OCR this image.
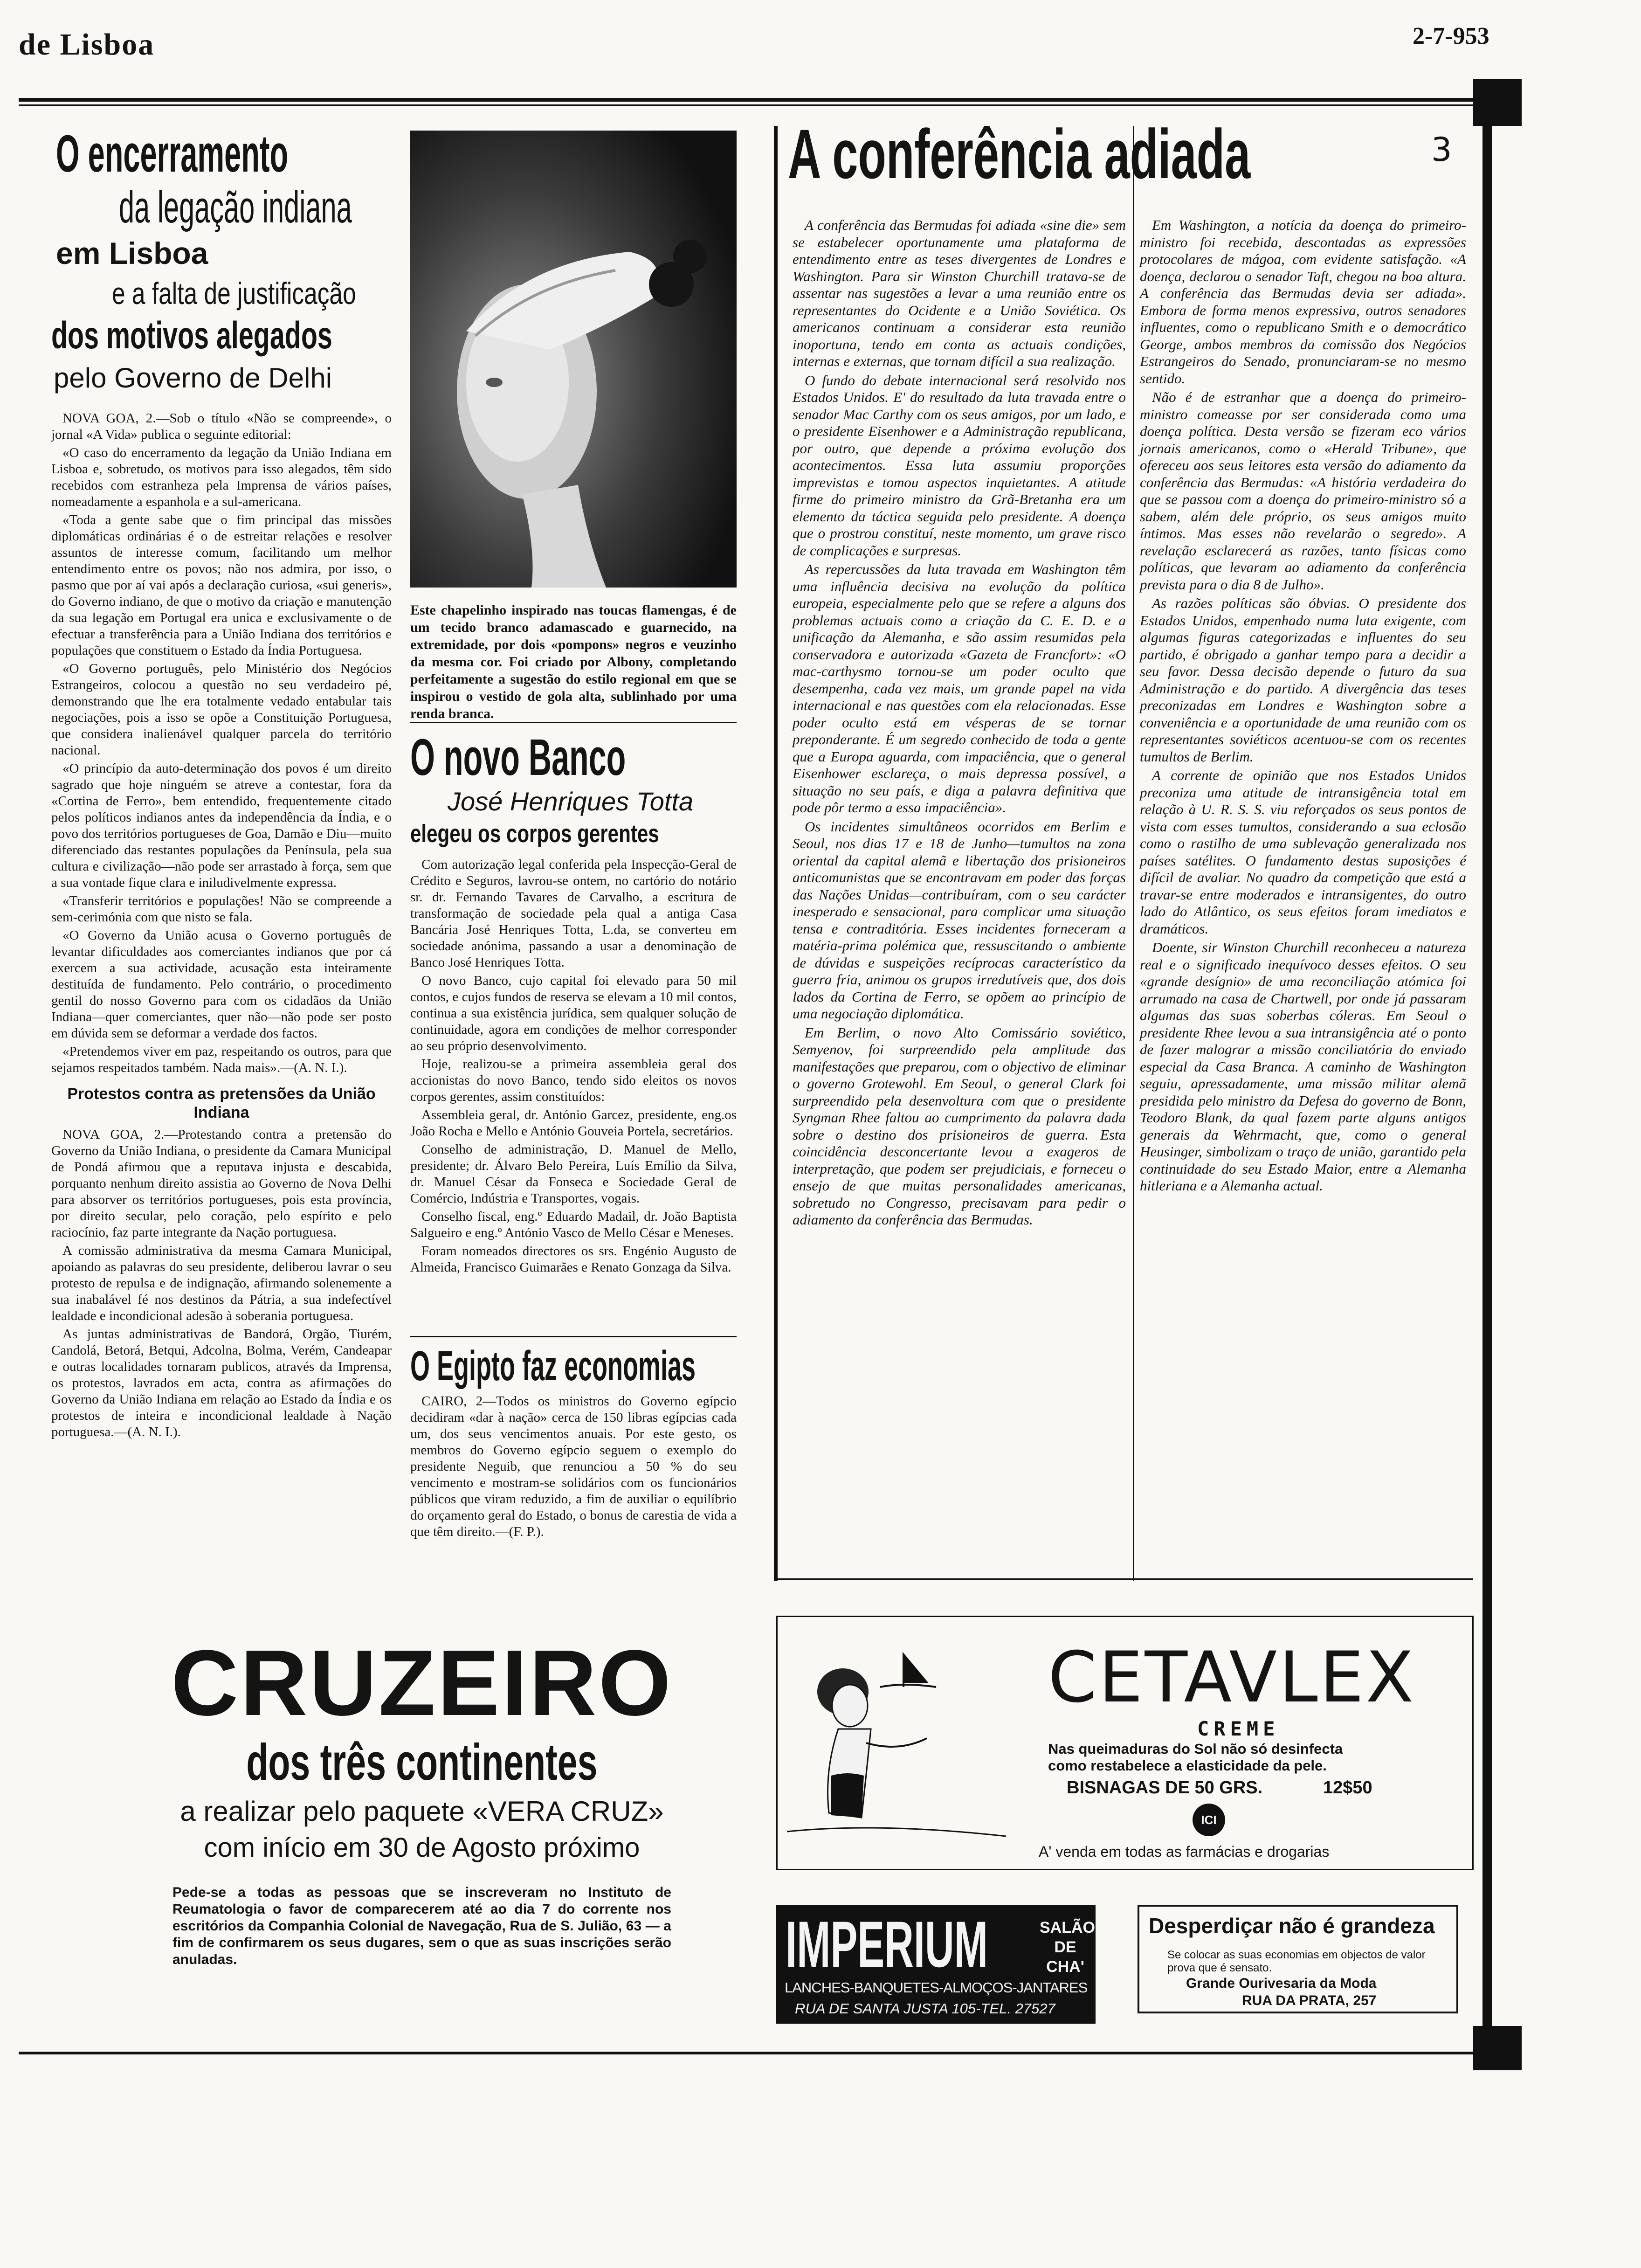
de Lisboa	2-7-953
O encerramento
da legação indiana
em Lisboa
e a falta de justificação
dos motivos alegados
pelo Governo de Delhi

NOVA GOA, 2.—Sob o título «Não se compreende», o jornal «A Vida» publica o seguinte editorial:

«O caso do encerramento da legação da União Indiana em Lisboa e, sobretudo, os motivos para isso alegados, têm sido recebidos com estranheza pela Imprensa de vários países, nomeadamente a espanhola e a sul-americana.

«Toda a gente sabe que o fim principal das missões diplomáticas ordinárias é o de estreitar relações e resolver assuntos de interesse comum, facilitando um melhor entendimento entre os povos; não nos admira, por isso, o pasmo que por aí vai após a declaração curiosa, «sui generis», do Governo indiano, de que o motivo da criação e manutenção da sua legação em Portugal era unica e exclusivamente o de efectuar a transferência para a União Indiana dos territórios e populações que constituem o Estado da Índia Portuguesa.

«O Governo português, pelo Ministério dos Negócios Estrangeiros, colocou a questão no seu verdadeiro pé, demonstrando que lhe era totalmente vedado entabular tais negociações, pois a isso se opõe a Constituição Portuguesa, que considera inalienável qualquer parcela do território nacional.

«O princípio da auto-determinação dos povos é um direito sagrado que hoje ninguém se atreve a contestar, fora da «Cortina de Ferro», bem entendido, frequentemente citado pelos políticos indianos antes da independência da Índia, e o povo dos territórios portugueses de Goa, Damão e Diu—muito diferenciado das restantes populações da Península, pela sua cultura e civilização—não pode ser arrastado à força, sem que a sua vontade fique clara e iniludivelmente expressa.

«Transferir territórios e populações! Não se compreende a sem-cerimónia com que nisto se fala.

«O Governo da União acusa o Governo português de levantar dificuldades aos comerciantes indianos que por cá exercem a sua actividade, acusação esta inteiramente destituída de fundamento. Pelo contrário, o procedimento gentil do nosso Governo para com os cidadãos da União Indiana—quer comerciantes, quer não—não pode ser posto em dúvida sem se deformar a verdade dos factos.

«Pretendemos viver em paz, respeitando os outros, para que sejamos respeitados também. Nada mais».—(A. N. I.).

Protestos contra as pretensões da União Indiana

NOVA GOA, 2.—Protestando contra a pretensão do Governo da União Indiana, o presidente da Camara Municipal de Pondá afirmou que a reputava injusta e descabida, porquanto nenhum direito assistia ao Governo de Nova Delhi para absorver os territórios portugueses, pois esta província, por direito secular, pelo coração, pelo espírito e pelo raciocínio, faz parte integrante da Nação portuguesa.

A comissão administrativa da mesma Camara Municipal, apoiando as palavras do seu presidente, deliberou lavrar o seu protesto de repulsa e de indignação, afirmando solenemente a sua inabalável fé nos destinos da Pátria, a sua indefectível lealdade e incondicional adesão à soberania portuguesa.

As juntas administrativas de Bandorá, Orgão, Tiurém, Candolá, Betorá, Betqui, Adcolna, Bolma, Verém, Candeapar e outras localidades tornaram publicos, através da Imprensa, os protestos, lavrados em acta, contra as afirmações do Governo da União Indiana em relação ao Estado da Índia e os protestos de inteira e incondicional lealdade à Nação portuguesa.—(A. N. I.).

Este chapelinho inspirado nas toucas flamengas, é de um tecido branco adamascado e guarnecido, na extremidade, por dois «pompons» negros e veuzinho da mesma cor. Foi criado por Albony, completando perfeitamente a sugestão do estilo regional em que se inspirou o vestido de gola alta, sublinhado por uma renda branca.
O novo Banco
José Henriques Totta
elegeu os corpos gerentes

Com autorização legal conferida pela Inspecção-Geral de Crédito e Seguros, lavrou-se ontem, no cartório do notário sr. dr. Fernando Tavares de Carvalho, a escritura de transformação de sociedade pela qual a antiga Casa Bancária José Henriques Totta, L.da, se converteu em sociedade anónima, passando a usar a denominação de Banco José Henriques Totta.

O novo Banco, cujo capital foi elevado para 50 mil contos, e cujos fundos de reserva se elevam a 10 mil contos, continua a sua existência jurídica, sem qualquer solução de continuidade, agora em condições de melhor corresponder ao seu próprio desenvolvimento.

Hoje, realizou-se a primeira assembleia geral dos accionistas do novo Banco, tendo sido eleitos os novos corpos gerentes, assim constituídos:

Assembleia geral, dr. António Garcez, presidente, eng.os João Rocha e Mello e António Gouveia Portela, secretários.

Conselho de administração, D. Manuel de Mello, presidente; dr. Álvaro Belo Pereira, Luís Emílio da Silva, dr. Manuel César da Fonseca e Sociedade Geral de Comércio, Indústria e Transportes, vogais.

Conselho fiscal, eng.º Eduardo Madail, dr. João Baptista Salgueiro e eng.º António Vasco de Mello César e Meneses.

Foram nomeados directores os srs. Engénio Augusto de Almeida, Francisco Guimarães e Renato Gonzaga da Silva.

O Egipto faz economias

CAIRO, 2—Todos os ministros do Governo egípcio decidiram «dar à nação» cerca de 150 libras egípcias cada um, dos seus vencimentos anuais. Por este gesto, os membros do Governo egípcio seguem o exemplo do presidente Neguib, que renunciou a 50 % do seu vencimento e mostram-se solidários com os funcionários públicos que viram reduzido, a fim de auxiliar o equilíbrio do orçamento geral do Estado, o bonus de carestia de vida a que têm direito.—(F. P.).

A conferência adiada	3

A conferência das Bermudas foi adiada «sine die» sem se estabelecer oportunamente uma plataforma de entendimento entre as teses divergentes de Londres e Washington. Para sir Winston Churchill tratava-se de assentar nas sugestões a levar a uma reunião entre os representantes do Ocidente e a União Soviética. Os americanos continuam a considerar esta reunião inoportuna, tendo em conta as actuais condições, internas e externas, que tornam difícil a sua realização.

O fundo do debate internacional será resolvido nos Estados Unidos. E' do resultado da luta travada entre o senador Mac Carthy com os seus amigos, por um lado, e o presidente Eisenhower e a Administração republicana, por outro, que depende a próxima evolução dos acontecimentos. Essa luta assumiu proporções imprevistas e tomou aspectos inquietantes. A atitude firme do primeiro ministro da Grã-Bretanha era um elemento da táctica seguida pelo presidente. A doença que o prostrou constituí, neste momento, um grave risco de complicações e surpresas.

As repercussões da luta travada em Washington têm uma influência decisiva na evolução da política europeia, especialmente pelo que se refere a alguns dos problemas actuais como a criação da C. E. D. e a unificação da Alemanha, e são assim resumidas pela conservadora e autorizada «Gazeta de Francfort»: «O mac-carthysmo tornou-se um poder oculto que desempenha, cada vez mais, um grande papel na vida internacional e nas questões com ela relacionadas. Esse poder oculto está em vésperas de se tornar preponderante. É um segredo conhecido de toda a gente que a Europa aguarda, com impaciência, que o general Eisenhower esclareça, o mais depressa possível, a situação no seu país, e diga a palavra definitiva que pode pôr termo a essa impaciência».

Os incidentes simultâneos ocorridos em Berlim e Seoul, nos dias 17 e 18 de Junho—tumultos na zona oriental da capital alemã e libertação dos prisioneiros anticomunistas que se encontravam em poder das forças das Nações Unidas—contribuíram, com o seu carácter inesperado e sensacional, para complicar uma situação tensa e contraditória. Esses incidentes forneceram a matéria-prima polémica que, ressuscitando o ambiente de dúvidas e suspeições recíprocas característico da guerra fria, animou os grupos irredutíveis que, dos dois lados da Cortina de Ferro, se opõem ao princípio de uma negociação diplomática.

Em Berlim, o novo Alto Comissário soviético, Semyenov, foi surpreendido pela amplitude das manifestações que preparou, com o objectivo de eliminar o governo Grotewohl. Em Seoul, o general Clark foi surpreendido pela desenvoltura com que o presidente Syngman Rhee faltou ao cumprimento da palavra dada sobre o destino dos prisioneiros de guerra. Esta coincidência desconcertante levou a exageros de interpretação, que podem ser prejudiciais, e forneceu o ensejo de que muitas personalidades americanas, sobretudo no Congresso, precisavam para pedir o adiamento da conferência das Bermudas.

Em Washington, a notícia da doença do primeiro-ministro foi recebida, descontadas as expressões protocolares de mágoa, com evidente satisfação. «A doença, declarou o senador Taft, chegou na boa altura. A conferência das Bermudas devia ser adiada». Embora de forma menos expressiva, outros senadores influentes, como o republicano Smith e o democrático George, ambos membros da comissão dos Negócios Estrangeiros do Senado, pronunciaram-se no mesmo sentido.

Não é de estranhar que a doença do primeiro-ministro comeasse por ser considerada como uma doença política. Desta versão se fizeram eco vários jornais americanos, como o «Herald Tribune», que ofereceu aos seus leitores esta versão do adiamento da conferência das Bermudas: «A história verdadeira do que se passou com a doença do primeiro-ministro só a sabem, além dele próprio, os seus amigos muito íntimos. Mas esses não revelarão o segredo». A revelação esclarecerá as razões, tanto físicas como políticas, que levaram ao adiamento da conferência prevista para o dia 8 de Julho».

As razões políticas são óbvias. O presidente dos Estados Unidos, empenhado numa luta exigente, com algumas figuras categorizadas e influentes do seu partido, é obrigado a ganhar tempo para a decidir a seu favor. Dessa decisão depende o futuro da sua Administração e do partido. A divergência das teses preconizadas em Londres e Washington sobre a conveniência e a oportunidade de uma reunião com os representantes soviéticos acentuou-se com os recentes tumultos de Berlim.

A corrente de opinião que nos Estados Unidos preconiza uma atitude de intransigência total em relação à U. R. S. S. viu reforçados os seus pontos de vista com esses tumultos, considerando a sua eclosão como o rastilho de uma sublevação generalizada nos países satélites. O fundamento destas suposições é difícil de avaliar. No quadro da competição que está a travar-se entre moderados e intransigentes, do outro lado do Atlântico, os seus efeitos foram imediatos e dramáticos.

Doente, sir Winston Churchill reconheceu a natureza real e o significado inequívoco desses efeitos. O seu «grande desígnio» de uma reconciliação atómica foi arrumado na casa de Chartwell, por onde já passaram algumas das suas soberbas cóleras. Em Seoul o presidente Rhee levou a sua intransigência até o ponto de fazer malograr a missão conciliatória do enviado especial da Casa Branca. A caminho de Washington seguiu, apressadamente, uma missão militar alemã presidida pelo ministro da Defesa do governo de Bonn, Teodoro Blank, da qual fazem parte alguns antigos generais da Wehrmacht, que, como o general Heusinger, simbolizam o traço de união, garantido pela continuidade do seu Estado Maior, entre a Alemanha hitleriana e a Alemanha actual.

CRUZEIRO
dos três continentes
a realizar pelo paquete «VERA CRUZ»
com início em 30 de Agosto próximo
Pede-se a todas as pessoas que se inscreveram no Instituto de Reumatologia o favor de comparecerem até ao dia 7 do corrente nos escritórios da Companhia Colonial de Navegação, Rua de S. Julião, 63 — a fim de confirmarem os seus dugares, sem o que as suas inscrições serão anuladas.
CETAVLEX
CREME
Nas queimaduras do Sol não só desinfecta como restabelece a elasticidade da pele.
BISNAGAS DE 50 GRS.	12$50
ICI
A' venda em todas as farmácias e drogarias
IMPERIUM	SALÃO
DE CHA'
LANCHES-BANQUETES-ALMOÇOS-JANTARES
RUA DE SANTA JUSTA 105-TEL. 27527
Desperdiçar não é grandeza
Se colocar as suas economias em objectos de valor prova que é sensato.
Grande Ourivesaria da Moda
RUA DA PRATA, 257
